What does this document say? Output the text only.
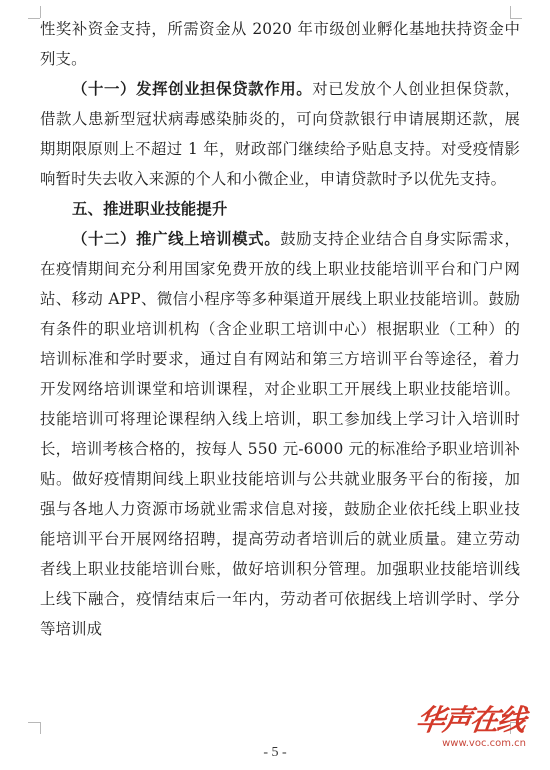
性奖补资金支持，所需资金从 2020 年市级创业孵化基地扶持资金中列支。

（十一）发挥创业担保贷款作用。对已发放个人创业担保贷款，借款人患新型冠状病毒感染肺炎的，可向贷款银行申请展期还款，展期期限原则上不超过 1 年，财政部门继续给予贴息支持。对受疫情影响暂时失去收入来源的个人和小微企业，申请贷款时予以优先支持。

五、推进职业技能提升

（十二）推广线上培训模式。鼓励支持企业结合自身实际需求，在疫情期间充分利用国家免费开放的线上职业技能培训平台和门户网站、移动 APP、微信小程序等多种渠道开展线上职业技能培训。鼓励有条件的职业培训机构（含企业职工培训中心）根据职业（工种）的培训标准和学时要求，通过自有网站和第三方培训平台等途径，着力开发网络培训课堂和培训课程，对企业职工开展线上职业技能培训。技能培训可将理论课程纳入线上培训，职工参加线上学习计入培训时长，培训考核合格的，按每人 550 元-6000 元的标准给予职业培训补贴。做好疫情期间线上职业技能培训与公共就业服务平台的衔接，加强与各地人力资源市场就业需求信息对接，鼓励企业依托线上职业技能培训平台开展网络招聘，提高劳动者培训后的就业质量。建立劳动者线上职业技能培训台账，做好培训积分管理。加强职业技能培训线上线下融合，疫情结束后一年内，劳动者可依据线上培训学时、学分等培训成

- 5 -
华声在线
www.voc.com.cn
